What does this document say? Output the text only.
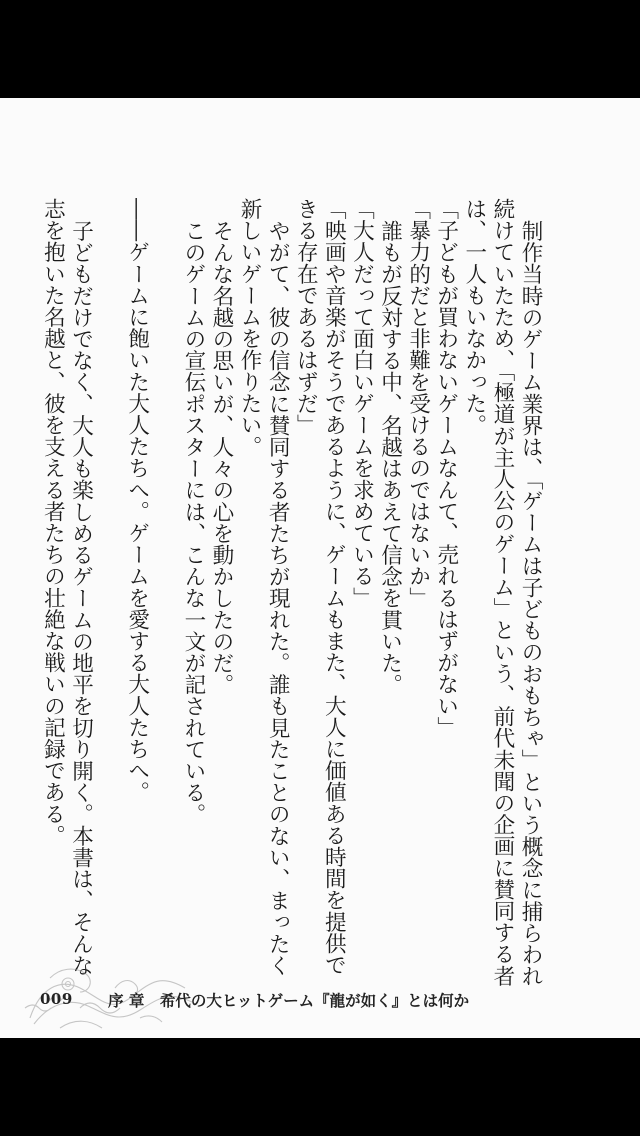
制作当時のゲーム業界は、「ゲームは子どものおもちゃ」という概念に捕らわれ続けていたため、「極道が主人公のゲーム」という、前代未聞の企画に賛同する者は、一人もいなかった。

「子どもが買わないゲームなんて、売れるはずがない」

「暴力的だと非難を受けるのではないか」

誰もが反対する中、名越はあえて信念を貫いた。

「大人だって面白いゲームを求めている」

「映画や音楽がそうであるように、ゲームもまた、大人に価値ある時間を提供できる存在であるはずだ」

やがて、彼の信念に賛同する者たちが現れた。誰も見たことのない、まったく新しいゲームを作りたい。

そんな名越の思いが、人々の心を動かしたのだ。

このゲームの宣伝ポスターには、こんな一文が記されている。

――ゲームに飽いた大人たちへ。ゲームを愛する大人たちへ。

子どもだけでなく、大人も楽しめるゲームの地平を切り開く。本書は、そんな志を抱いた名越と、彼を支える者たちの壮絶な戦いの記録である。

009 序 章　希代の大ヒットゲーム『龍が如く』とは何か
